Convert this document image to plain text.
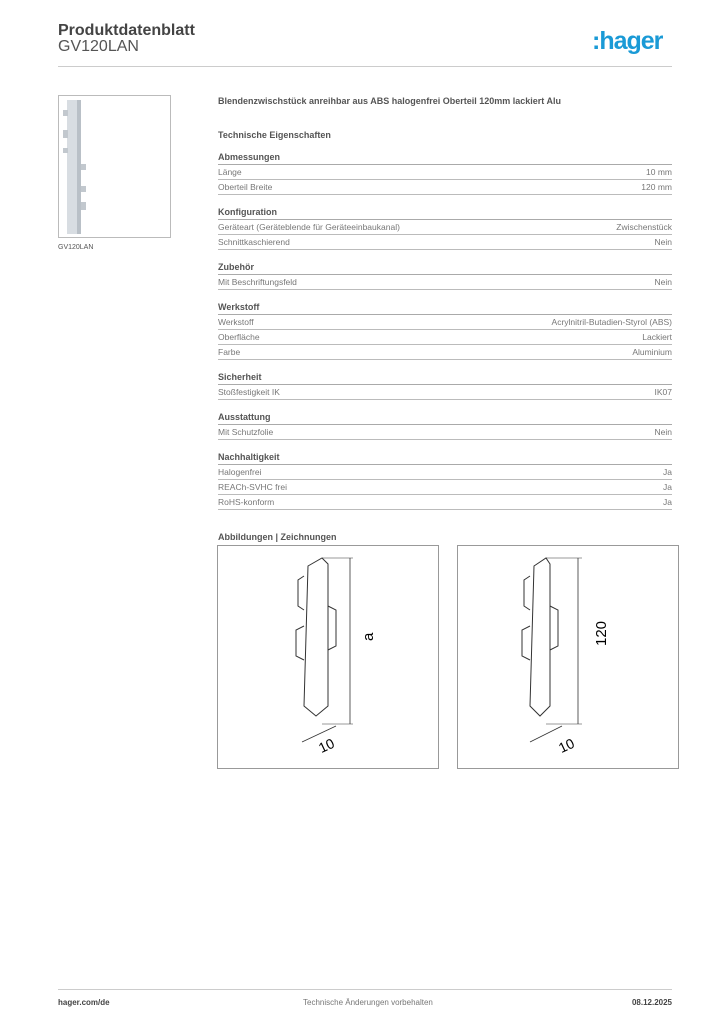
Produktdatenblatt
GV120LAN	:hager
GV120LAN
Blendenzwischstück anreihbar aus ABS halogenfrei Oberteil 120mm lackiert Alu
Technische Eigenschaften
Abmessungen
Länge	10 mm
Oberteil Breite	120 mm
Konfiguration
Geräteart (Geräteblende für Geräteeinbaukanal)	Zwischenstück
Schnittkaschierend	Nein
Zubehör
Mit Beschriftungsfeld	Nein
Werkstoff
Werkstoff	Acrylnitril-Butadien-Styrol (ABS)
Oberfläche	Lackiert
Farbe	Aluminium
Sicherheit
Stoßfestigkeit IK	IK07
Ausstattung
Mit Schutzfolie	Nein
Nachhaltigkeit
Halogenfrei	Ja
REACh-SVHC frei	Ja
RoHS-konform	Ja
Abbildungen | Zeichnungen
a
10
120
10
hager.com/de	Technische Änderungen vorbehalten	08.12.2025
